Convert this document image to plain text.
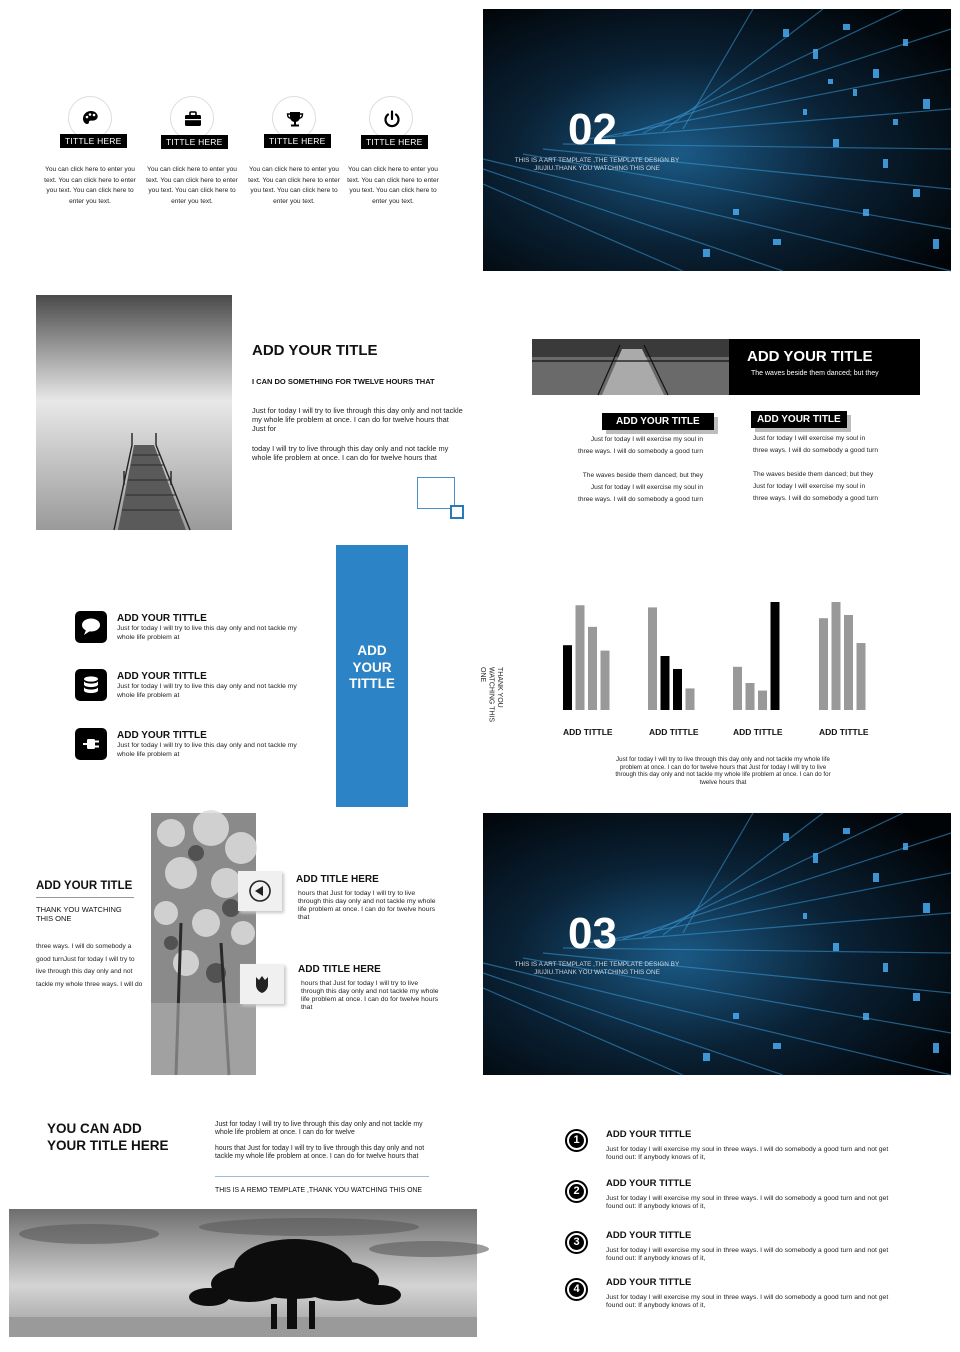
TITTLE HERE
You can click here to enter you text. You can click here to enter you text. You can click here to enter you text.
TITTLE HERE
You can click here to enter you text. You can click here to enter you text. You can click here to enter you text.
TITTLE HERE
You can click here to enter you text. You can click here to enter you text. You can click here to enter you text.
TITTLE HERE
You can click here to enter you text. You can click here to enter you text. You can click here to enter you text.
02
THIS IS A ART TEMPLATE ,THE TEMPLATE DESIGN BY JIUJIU.THANK YOU WATCHING THIS ONE
ADD YOUR TITLE
I CAN DO SOMETHING FOR TWELVE HOURS THAT
Just for today I will try to live through this day only and not tackle my whole life problem at once. I can do for twelve hours that Just for
today I will try to live through this day only and not tackle my whole life problem at once. I can do for twelve hours that
ADD YOUR TITLE
The waves beside them danced; but they
ADD YOUR TITLE
Just for today I will exercise my soul in
three ways. I will do somebody a good turn
The waves beside them danced; but they
Just for today I will exercise my soul in
three ways. I will do somebody a good turn
ADD YOUR TITLE
Just for today I will exercise my soul in
three ways. I will do somebody a good turn
The waves beside them danced; but they
Just for today I will exercise my soul in
three ways. I will do somebody a good turn
ADD YOUR TITTLE
Just for today I will try to live this day only and not tackle my whole life problem at
ADD YOUR TITTLE
Just for today I will try to live this day only and not tackle my whole life problem at
ADD YOUR TITTLE
Just for today I will try to live this day only and not tackle my whole life problem at
ADD YOUR TITTLE	THANK YOU WATCHING THIS ONE
ADD TITTLE	ADD TITTLE	ADD TITTLE	ADD TITTLE
Just for today I will try to live through this day only and not tackle my whole life problem at once. I can do for twelve hours that Just for today I will try to live through this day only and not tackle my whole life problem at once. I can do for twelve hours that
ADD YOUR TITLE
THANK YOU WATCHING THIS ONE
three ways. I will do somebody a good turnJust for today I will try to live through this day only and not tackle my whole three ways. I will do
ADD TITLE HERE
hours that Just for today I will try to live through this day only and not tackle my whole life problem at once. I can do for twelve hours that
ADD TITLE HERE
hours that Just for today I will try to live through this day only and not tackle my whole life problem at once. I can do for twelve hours that
03
THIS IS A ART TEMPLATE ,THE TEMPLATE DESIGN BY JIUJIU.THANK YOU WATCHING THIS ONE
YOU CAN ADD YOUR TITLE HERE
Just for today I will try to live through this day only and not tackle my whole life problem at once. I can do for twelve
hours that Just for today I will try to live through this day only and not tackle my whole life problem at once. I can do for twelve hours that
THIS IS A REMO TEMPLATE ,THANK YOU WATCHING THIS ONE
1	ADD YOUR TITTLE
Just for today I will exercise my soul in three ways. I will do somebody a good turn and not get found out: If anybody knows of it,
2
ADD YOUR TITTLE
Just for today I will exercise my soul in three ways. I will do somebody a good turn and not get found out: If anybody knows of it,
3
ADD YOUR TITTLE
Just for today I will exercise my soul in three ways. I will do somebody a good turn and not get found out: If anybody knows of it,
4
ADD YOUR TITTLE
Just for today I will exercise my soul in three ways. I will do somebody a good turn and not get found out: If anybody knows of it,
